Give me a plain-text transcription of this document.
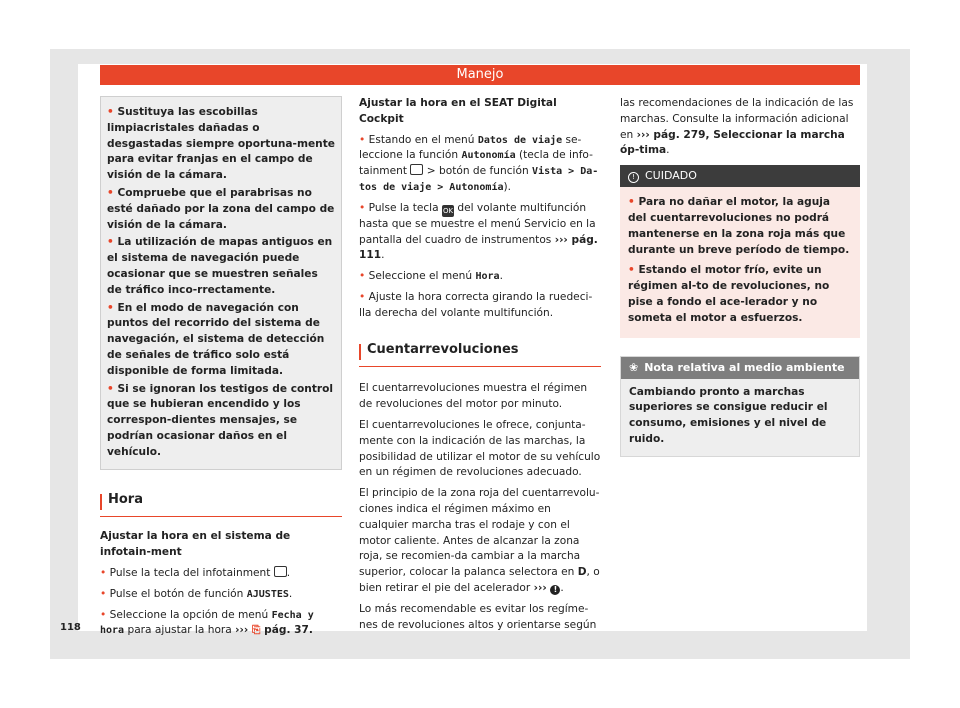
Manejo

• Sustituya las escobillas limpiacristales dañadas o desgastadas siempre oportuna-mente para evitar franjas en el campo de visión de la cámara.

• Compruebe que el parabrisas no esté dañado por la zona del campo de visión de la cámara.

• La utilización de mapas antiguos en el sistema de navegación puede ocasionar que se muestren señales de tráfico inco-rrectamente.

• En el modo de navegación con puntos del recorrido del sistema de navegación, el sistema de detección de señales de tráfico solo está disponible de forma limitada.

• Si se ignoran los testigos de control que se hubieran encendido y los correspon-dientes mensajes, se podrían ocasionar daños en el vehículo.

Hora

Ajustar la hora en el sistema de infotain-ment

• Pulse la tecla del infotainment .

• Pulse el botón de función AJUSTES.

• Seleccione la opción de menú Fecha y hora para ajustar la hora ››› ⎘ pág. 37.

Ajustar la hora en el SEAT Digital Cockpit

• Estando en el menú Datos de viaje se-leccione la función Autonomía (tecla de info-tainment > botón de función Vista > Da-tos de viaje > Autonomía).

• Pulse la tecla OK del volante multifunción hasta que se muestre el menú Servicio en la pantalla del cuadro de instrumentos ››› pág. 111.

• Seleccione el menú Hora.

• Ajuste la hora correcta girando la ruedeci-lla derecha del volante multifunción.

Cuentarrevoluciones

El cuentarrevoluciones muestra el régimen de revoluciones del motor por minuto.

El cuentarrevoluciones le ofrece, conjunta-mente con la indicación de las marchas, la posibilidad de utilizar el motor de su vehículo en un régimen de revoluciones adecuado.

El principio de la zona roja del cuentarrevolu-ciones indica el régimen máximo en cualquier marcha tras el rodaje y con el motor caliente. Antes de alcanzar la zona roja, se recomien-da cambiar a la marcha superior, colocar la palanca selectora en D, o bien retirar el pie del acelerador ››› ! .

Lo más recomendable es evitar los regíme-nes de revoluciones altos y orientarse según

las recomendaciones de la indicación de las marchas. Consulte la información adicional en ››› pág. 279, Seleccionar la marcha óp-tima.

! CUIDADO

• Para no dañar el motor, la aguja del cuentarrevoluciones no podrá mantenerse en la zona roja más que durante un breve período de tiempo.

• Estando el motor frío, evite un régimen al-to de revoluciones, no pise a fondo el ace-lerador y no someta el motor a esfuerzos.

❀ Nota relativa al medio ambiente
Cambiando pronto a marchas superiores se consigue reducir el consumo, emisiones y el nivel de ruido.
118
